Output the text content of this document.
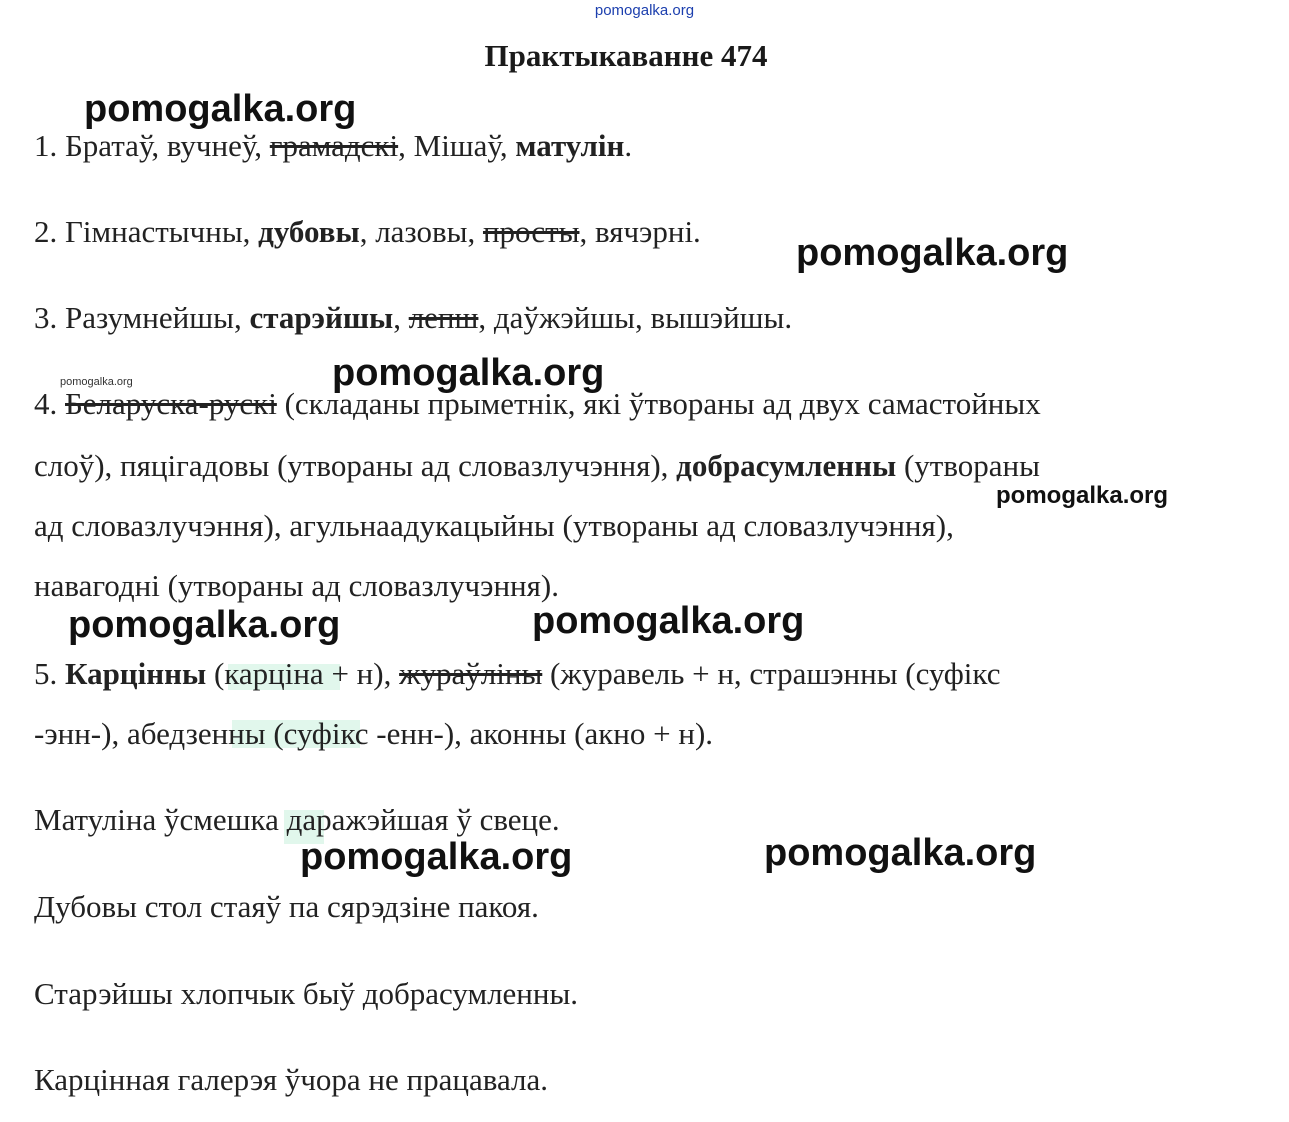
pomogalka.org
Практыкаванне 474
1. Братаў, вучнеў, грамадскі, Мішаў, матулін.
2. Гімнастычны, дубовы, лазовы, просты, вячэрні.
3. Разумнейшы, старэйшы, лепш, даўжэйшы, вышэйшы.
4. Беларуска-рускі (складаны прыметнік, які ўтвораны ад двух самастойных
слоў), пяцігадовы (утвораны ад словазлучэння), добрасумленны (утвораны
ад словазлучэння), агульнаадукацыйны (утвораны ад словазлучэння),
навагодні (утвораны ад словазлучэння).
5. Карцінны (карціна + н), жураўліны (журавель + н, страшэнны (суфікс
-энн-), абедзенны (суфікс -енн-), аконны (акно + н).
Матуліна ўсмешка даражэйшая ў свеце.
Дубовы стол стаяў па сярэдзіне пакоя.
Старэйшы хлопчык быў добрасумленны.
Карцінная галерэя ўчора не працавала.
pomogalka.org
pomogalka.org
pomogalka.org
pomogalka.org
pomogalka.org
pomogalka.org	pomogalka.org
pomogalka.org	pomogalka.org
